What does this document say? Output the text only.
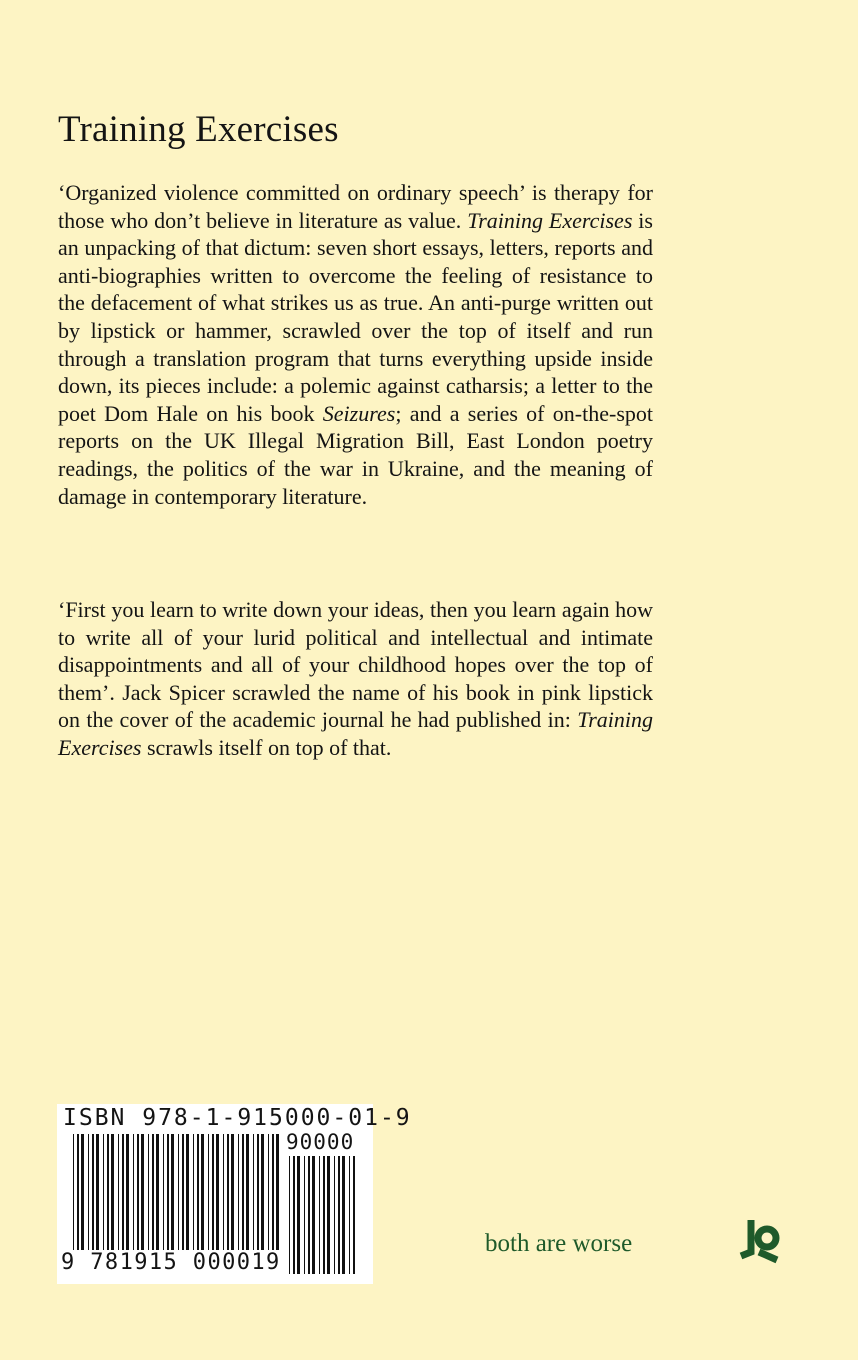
Training Exercises

‘Organized violence committed on ordinary speech’ is therapy for those who don’t believe in literature as value. Training Exercises is an unpacking of that dictum: seven short essays, letters, reports and anti-biographies written to overcome the feeling of resistance to the defacement of what strikes us as true. An anti-purge written out by lipstick or hammer, scrawled over the top of itself and run through a translation program that turns everything upside inside down, its pieces include: a polemic against catharsis; a letter to the poet Dom Hale on his book Seizures; and a series of on-the-spot reports on the UK Illegal Migration Bill, East London poetry readings, the politics of the war in Ukraine, and the meaning of damage in contemporary literature.

‘First you learn to write down your ideas, then you learn again how to write all of your lurid political and intellectual and intimate disappointments and all of your childhood hopes over the top of them’. Jack Spicer scrawled the name of his book in pink lipstick on the cover of the academic journal he had published in: Training Exercises scrawls itself on top of that.

ISBN 978-1-915000-01-9
90000
9 781915 000019
both are worse
